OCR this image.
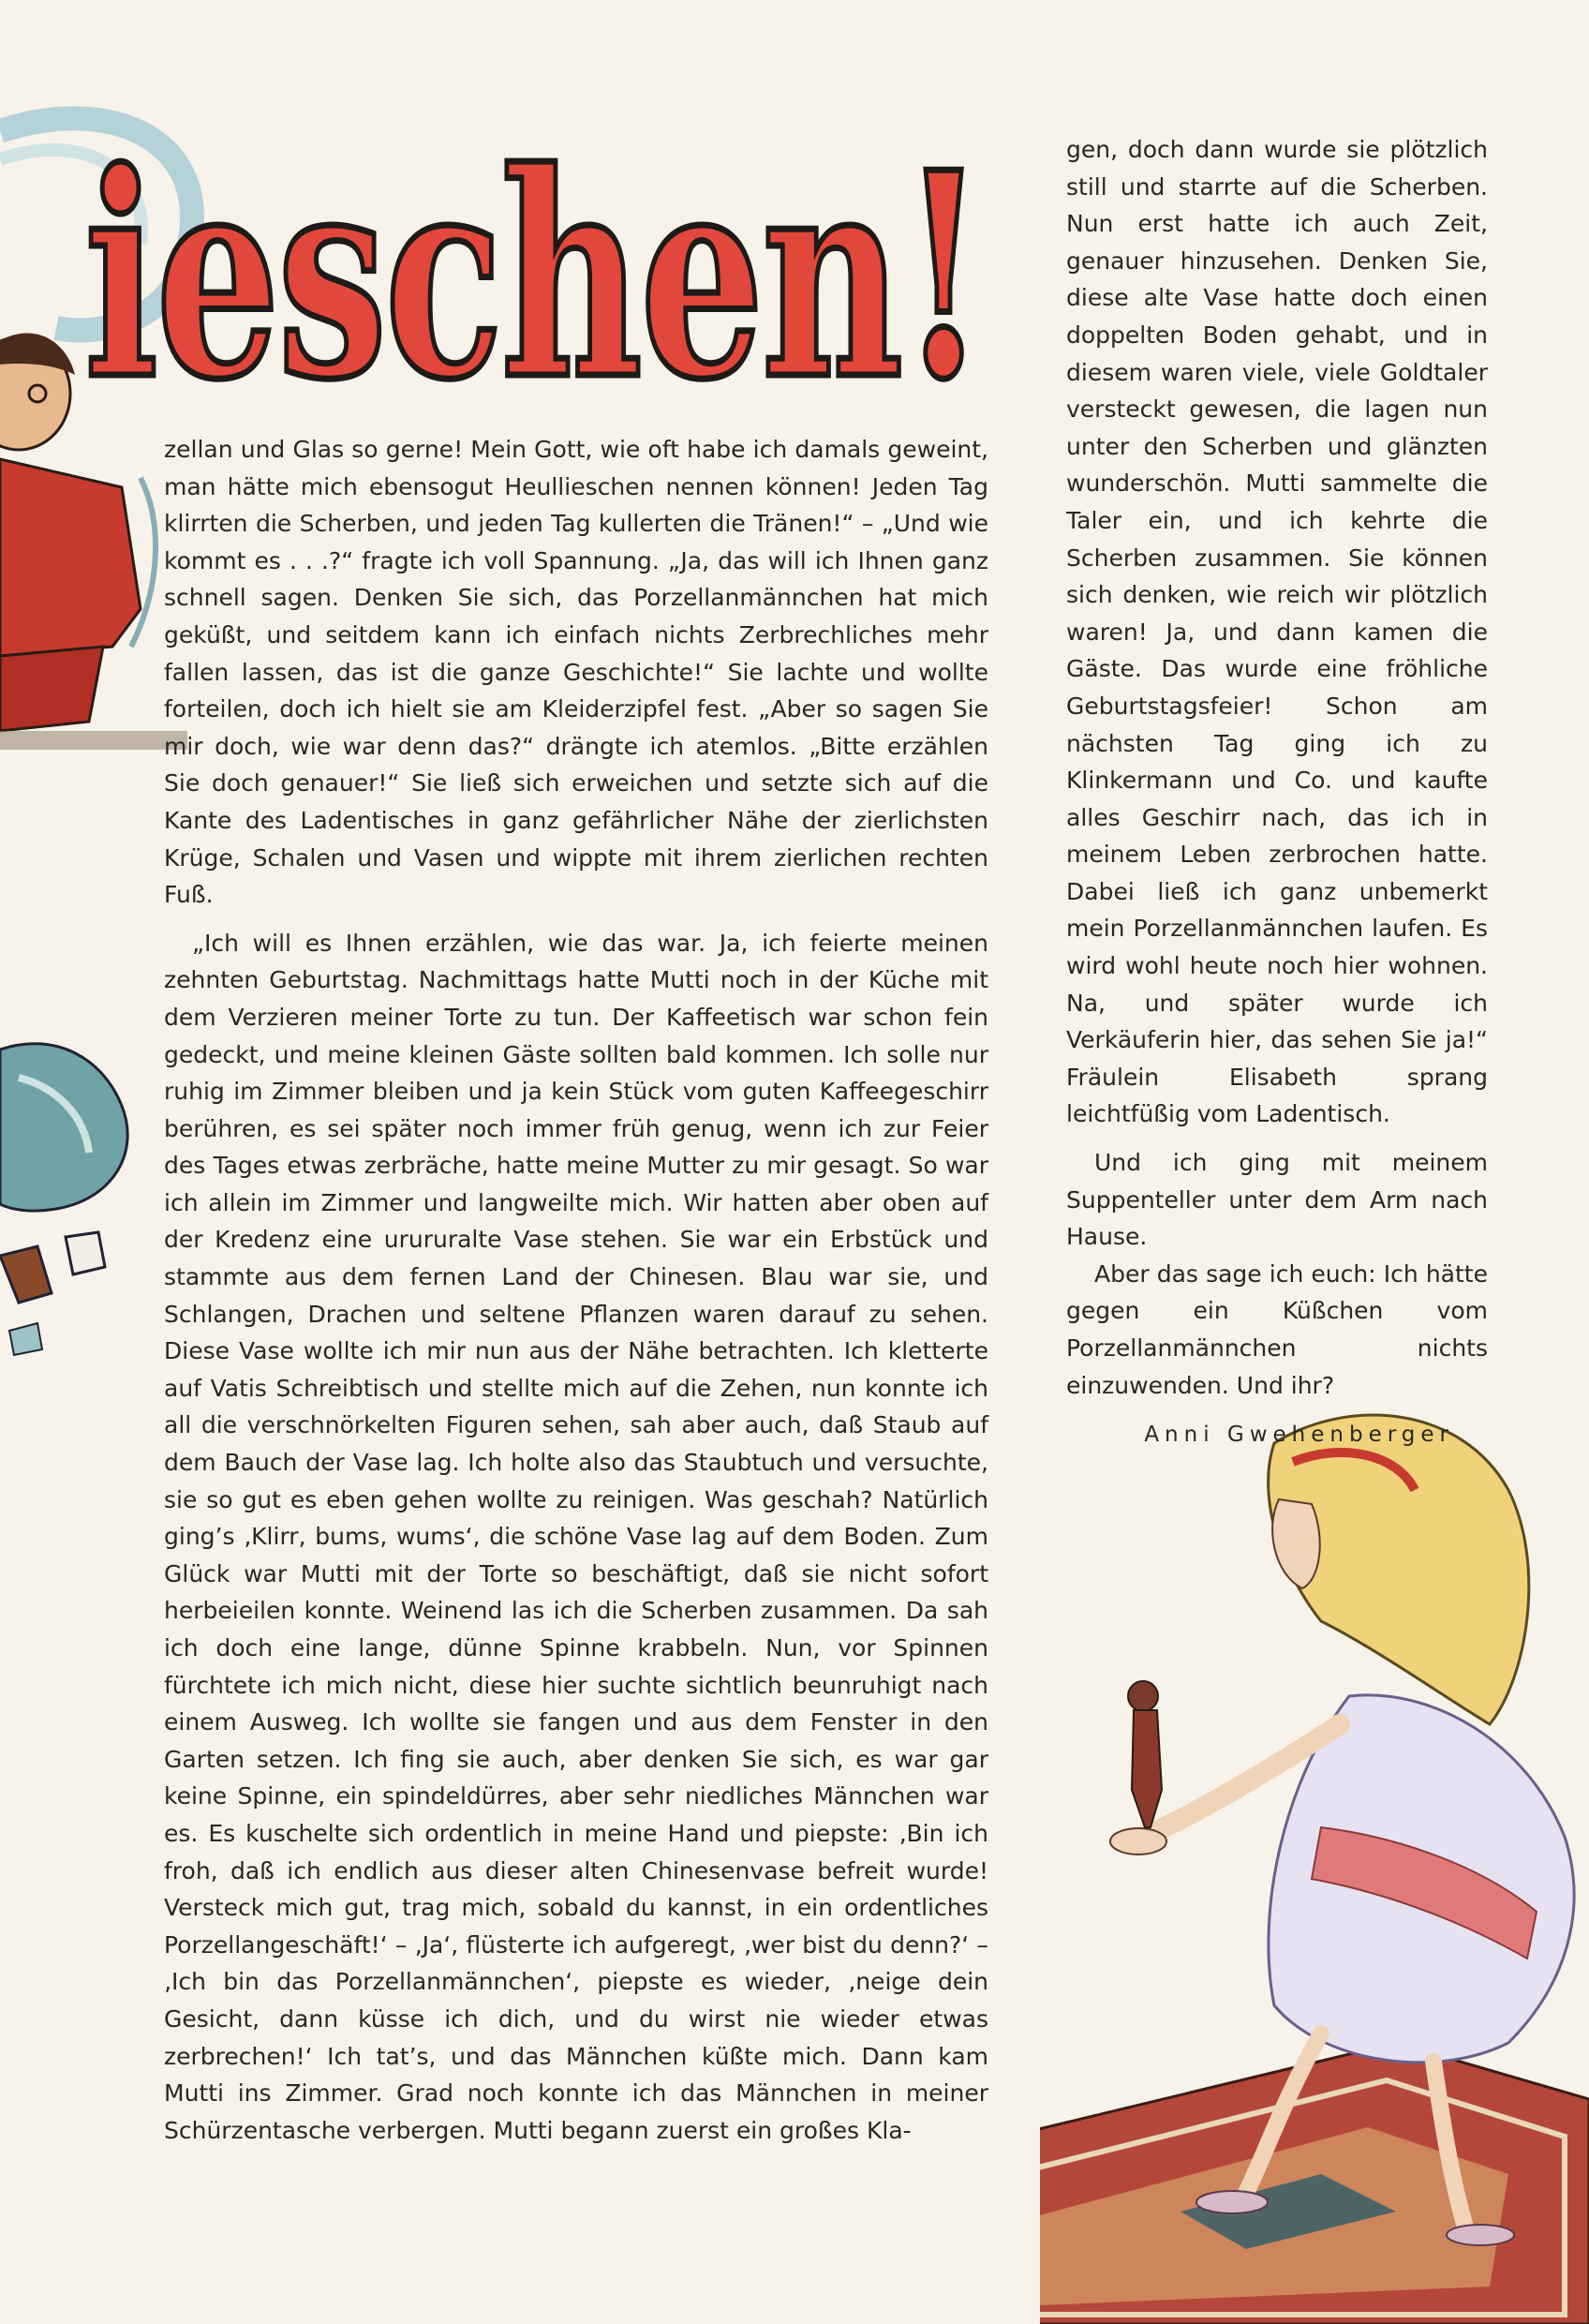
ieschen!

zellan und Glas so gerne! Mein Gott, wie oft habe ich damals geweint, man hätte mich ebensogut Heullieschen nennen können! Jeden Tag klirrten die Scherben, und jeden Tag kullerten die Tränen!“ – „Und wie kommt es . . .?“ fragte ich voll Spannung. „Ja, das will ich Ihnen ganz schnell sagen. Denken Sie sich, das Porzellanmännchen hat mich geküßt, und seitdem kann ich einfach nichts Zerbrechliches mehr fallen lassen, das ist die ganze Geschichte!“ Sie lachte und wollte forteilen, doch ich hielt sie am Kleiderzipfel fest. „Aber so sagen Sie mir doch, wie war denn das?“ drängte ich atemlos. „Bitte erzählen Sie doch genauer!“ Sie ließ sich erweichen und setzte sich auf die Kante des Ladentisches in ganz gefährlicher Nähe der zierlichsten Krüge, Schalen und Vasen und wippte mit ihrem zierlichen rechten Fuß.

„Ich will es Ihnen erzählen, wie das war. Ja, ich feierte meinen zehnten Geburtstag. Nachmittags hatte Mutti noch in der Küche mit dem Verzieren meiner Torte zu tun. Der Kaffeetisch war schon fein gedeckt, und meine kleinen Gäste sollten bald kommen. Ich solle nur ruhig im Zimmer bleiben und ja kein Stück vom guten Kaffeegeschirr berühren, es sei später noch immer früh genug, wenn ich zur Feier des Tages etwas zerbräche, hatte meine Mutter zu mir gesagt. So war ich allein im Zimmer und langweilte mich. Wir hatten aber oben auf der Kredenz eine urururalte Vase stehen. Sie war ein Erbstück und stammte aus dem fernen Land der Chinesen. Blau war sie, und Schlangen, Drachen und seltene Pflanzen waren darauf zu sehen. Diese Vase wollte ich mir nun aus der Nähe betrachten. Ich kletterte auf Vatis Schreibtisch und stellte mich auf die Zehen, nun konnte ich all die verschnörkelten Figuren sehen, sah aber auch, daß Staub auf dem Bauch der Vase lag. Ich holte also das Staubtuch und versuchte, sie so gut es eben gehen wollte zu reinigen. Was geschah? Natürlich ging’s ‚Klirr, bums, wums‘, die schöne Vase lag auf dem Boden. Zum Glück war Mutti mit der Torte so beschäftigt, daß sie nicht sofort herbeieilen konnte. Weinend las ich die Scherben zusammen. Da sah ich doch eine lange, dünne Spinne krabbeln. Nun, vor Spinnen fürchtete ich mich nicht, diese hier suchte sichtlich beunruhigt nach einem Ausweg. Ich wollte sie fangen und aus dem Fenster in den Garten setzen. Ich fing sie auch, aber denken Sie sich, es war gar keine Spinne, ein spindeldürres, aber sehr niedliches Männchen war es. Es kuschelte sich ordentlich in meine Hand und piepste: ‚Bin ich froh, daß ich endlich aus dieser alten Chinesenvase befreit wurde! Versteck mich gut, trag mich, sobald du kannst, in ein ordentliches Porzellangeschäft!‘ – ‚Ja‘, flüsterte ich aufgeregt, ‚wer bist du denn?‘ – ‚Ich bin das Porzellanmännchen‘, piepste es wieder, ‚neige dein Gesicht, dann küsse ich dich, und du wirst nie wieder etwas zerbrechen!‘ Ich tat’s, und das Männchen küßte mich. Dann kam Mutti ins Zimmer. Grad noch konnte ich das Männchen in meiner Schürzentasche verbergen. Mutti begann zuerst ein großes Kla-

gen, doch dann wurde sie plötzlich still und starrte auf die Scherben. Nun erst hatte ich auch Zeit, genauer hinzusehen. Denken Sie, diese alte Vase hatte doch einen doppelten Boden gehabt, und in diesem waren viele, viele Goldtaler versteckt gewesen, die lagen nun unter den Scherben und glänzten wunderschön. Mutti sammelte die Taler ein, und ich kehrte die Scherben zusammen. Sie können sich denken, wie reich wir plötzlich waren! Ja, und dann kamen die Gäste. Das wurde eine fröhliche Geburtstagsfeier! Schon am nächsten Tag ging ich zu Klinkermann und Co. und kaufte alles Geschirr nach, das ich in meinem Leben zerbrochen hatte. Dabei ließ ich ganz unbemerkt mein Porzellanmännchen laufen. Es wird wohl heute noch hier wohnen. Na, und später wurde ich Verkäuferin hier, das sehen Sie ja!“ Fräulein Elisabeth sprang leichtfüßig vom Ladentisch.

Und ich ging mit meinem Suppenteller unter dem Arm nach Hause.

Aber das sage ich euch: Ich hätte gegen ein Küßchen vom Porzellanmännchen nichts einzuwenden. Und ihr?

Anni Gwehenberger
